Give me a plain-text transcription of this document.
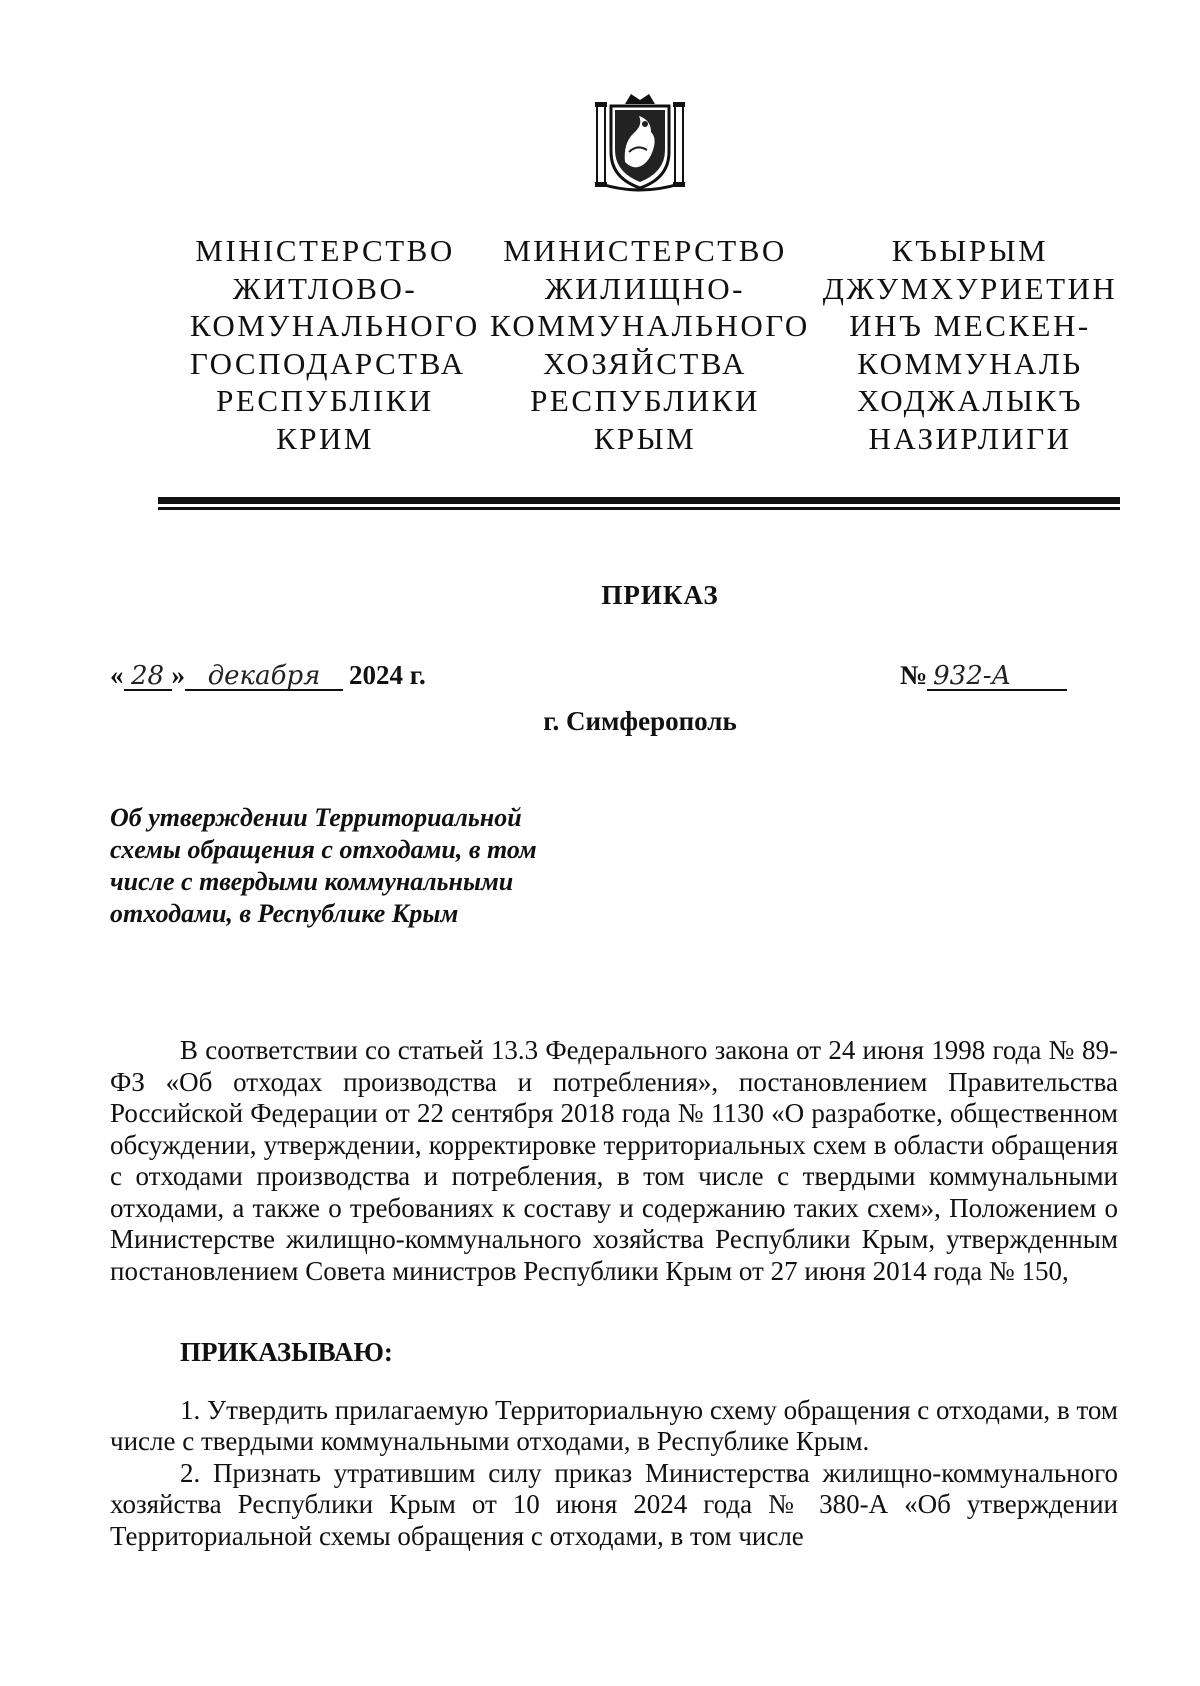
МІНІСТЕРСТВО
ЖИТЛОВО-
КОМУНАЛЬНОГО
ГОСПОДАРСТВА
РЕСПУБЛІКИ
КРИМ
МИНИСТЕРСТВО
ЖИЛИЩНО-
КОММУНАЛЬНОГО
ХОЗЯЙСТВА
РЕСПУБЛИКИ
КРЫМ
КЪЫРЫМ
ДЖУМХУРИЕТИН
ИНЪ МЕСКЕН-
КОММУНАЛЬ
ХОДЖАЛЫКЪ
НАЗИРЛИГИ
ПРИКАЗ
« 28 » декабря	2024 г.	№ 932-А
г. Симферополь
Об утверждении Территориальной схемы обращения с отходами, в том числе с твердыми коммунальными отходами, в Республике Крым

В соответствии со статьей 13.3 Федерального закона от 24 июня 1998 года № 89-ФЗ «Об отходах производства и потребления», постановлением Правительства Российской Федерации от 22 сентября 2018 года № 1130 «О разработке, общественном обсуждении, утверждении, корректировке территориальных схем в области обращения с отходами производства и потребления, в том числе с твердыми коммунальными отходами, а также о требованиях к составу и содержанию таких схем», Положением о Министерстве жилищно-коммунального хозяйства Республики Крым, утвержденным постановлением Совета министров Республики Крым от 27 июня 2014 года № 150,

ПРИКАЗЫВАЮ:

1. Утвердить прилагаемую Территориальную схему обращения с отходами, в том числе с твердыми коммунальными отходами, в Республике Крым.

2. Признать утратившим силу приказ Министерства жилищно-коммунального хозяйства Республики Крым от 10 июня 2024 года № 380-А «Об утверждении Территориальной схемы обращения с отходами, в том числе
